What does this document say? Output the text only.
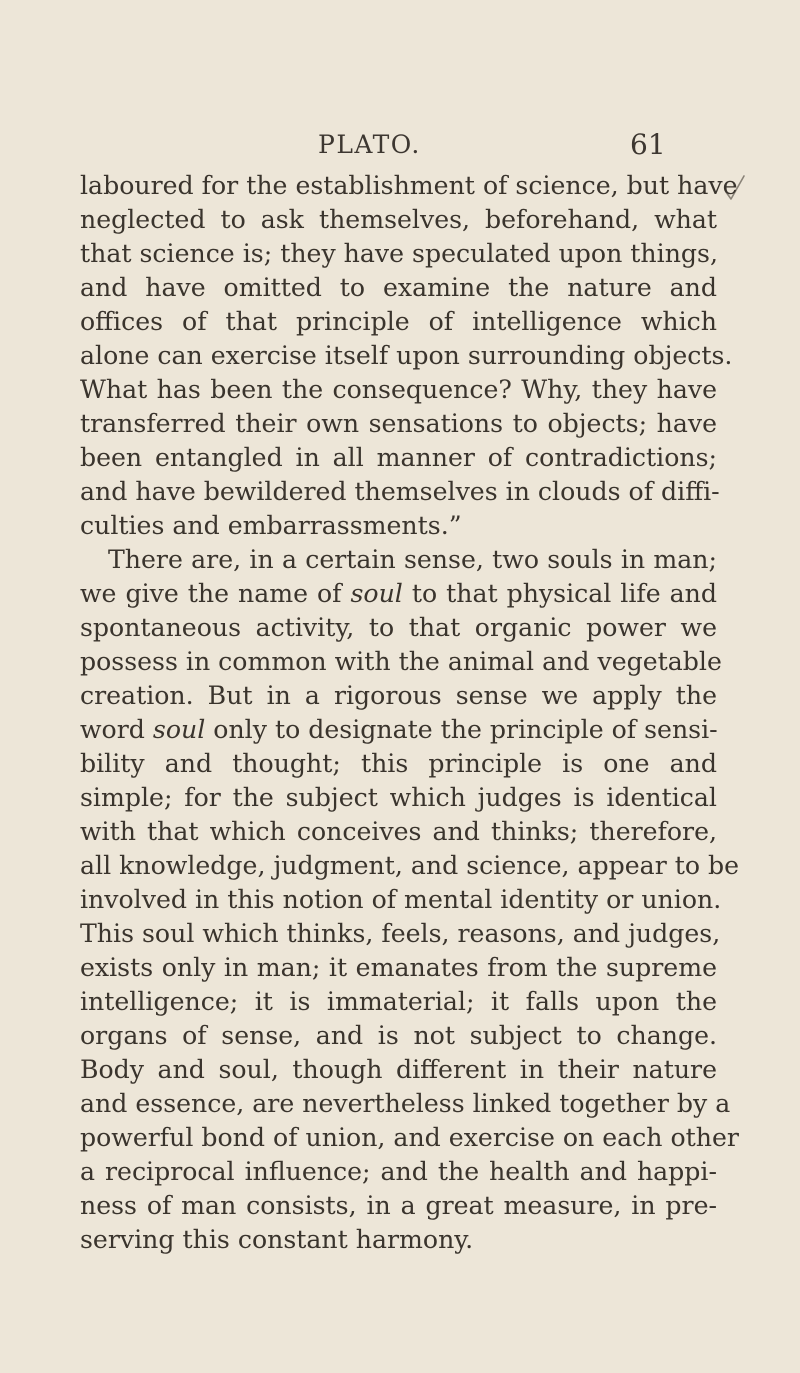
PLATO.	61
laboured for the establishment of science, but have
neglected to ask themselves, beforehand, what
that science is; they have speculated upon things,
and have omitted to examine the nature and
offices of that principle of intelligence which
alone can exercise itself upon surrounding objects.
What has been the consequence? Why, they have
transferred their own sensations to objects; have
been entangled in all manner of contradictions;
and have bewildered themselves in clouds of diffi-
culties and embarrassments.”
There are, in a certain sense, two souls in man;
we give the name of soul to that physical life and
spontaneous activity, to that organic power we
possess in common with the animal and vegetable
creation. But in a rigorous sense we apply the
word soul only to designate the principle of sensi-
bility and thought; this principle is one and
simple; for the subject which judges is identical
with that which conceives and thinks; therefore,
all knowledge, judgment, and science, appear to be
involved in this notion of mental identity or union.
This soul which thinks, feels, reasons, and judges,
exists only in man; it emanates from the supreme
intelligence; it is immaterial; it falls upon the
organs of sense, and is not subject to change.
Body and soul, though different in their nature
and essence, are nevertheless linked together by a
powerful bond of union, and exercise on each other
a reciprocal influence; and the health and happi-
ness of man consists, in a great measure, in pre-
serving this constant harmony.
